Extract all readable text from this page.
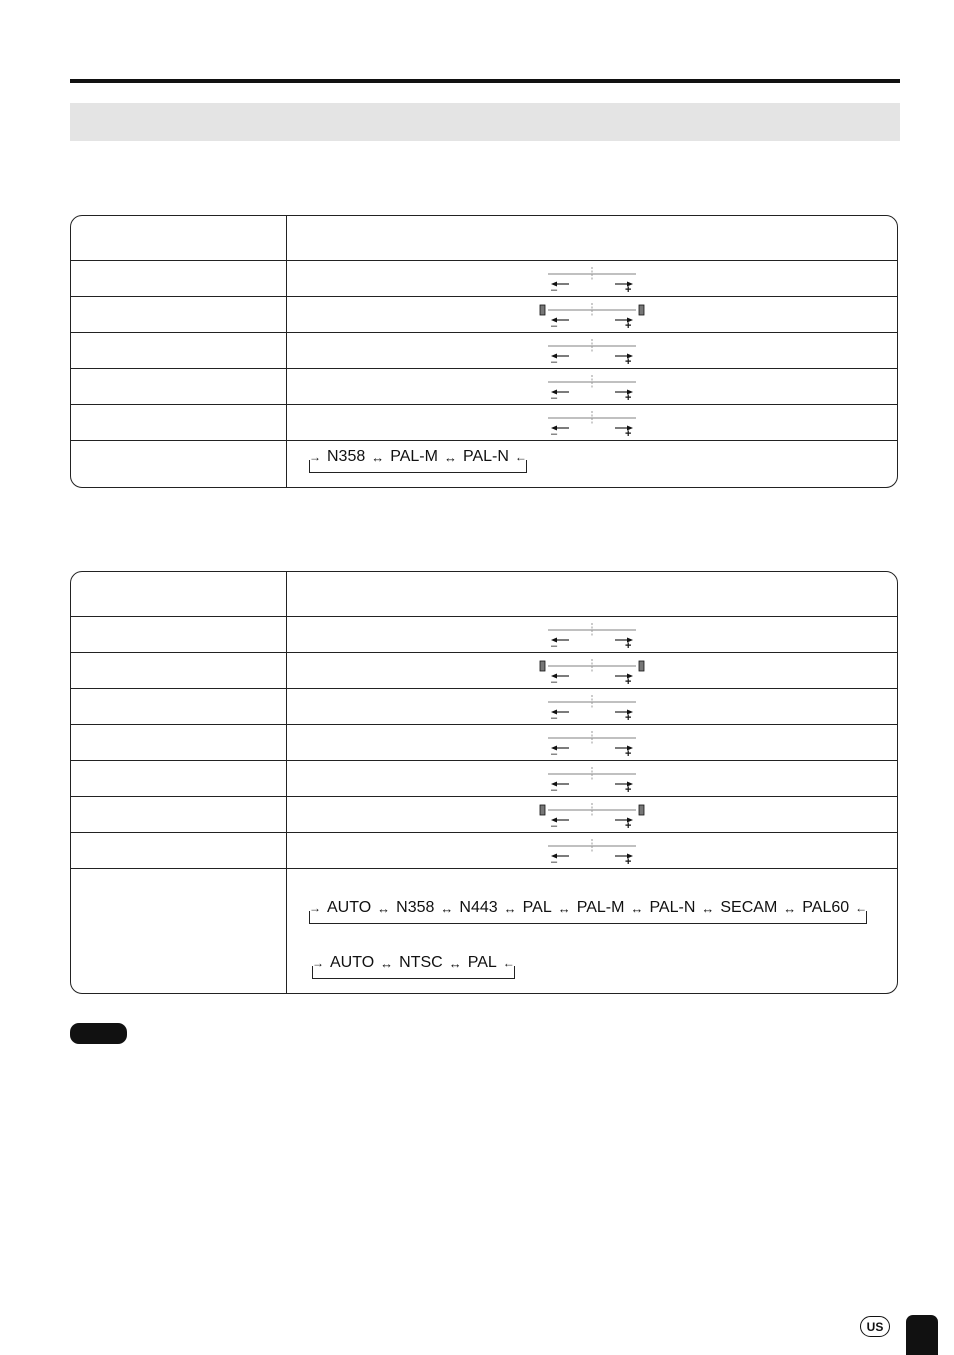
–	+
–	+
–	+
–	+
–	+
→ N358 ↔ PAL-M ↔ PAL-N ←
–	+
–	+
–	+
–	+
–	+
–	+
–	+
→ AUTO ↔ N358 ↔ N443 ↔ PAL ↔ PAL-M ↔ PAL-N ↔ SECAM ↔ PAL60 ←
→ AUTO ↔ NTSC ↔ PAL ←
US
